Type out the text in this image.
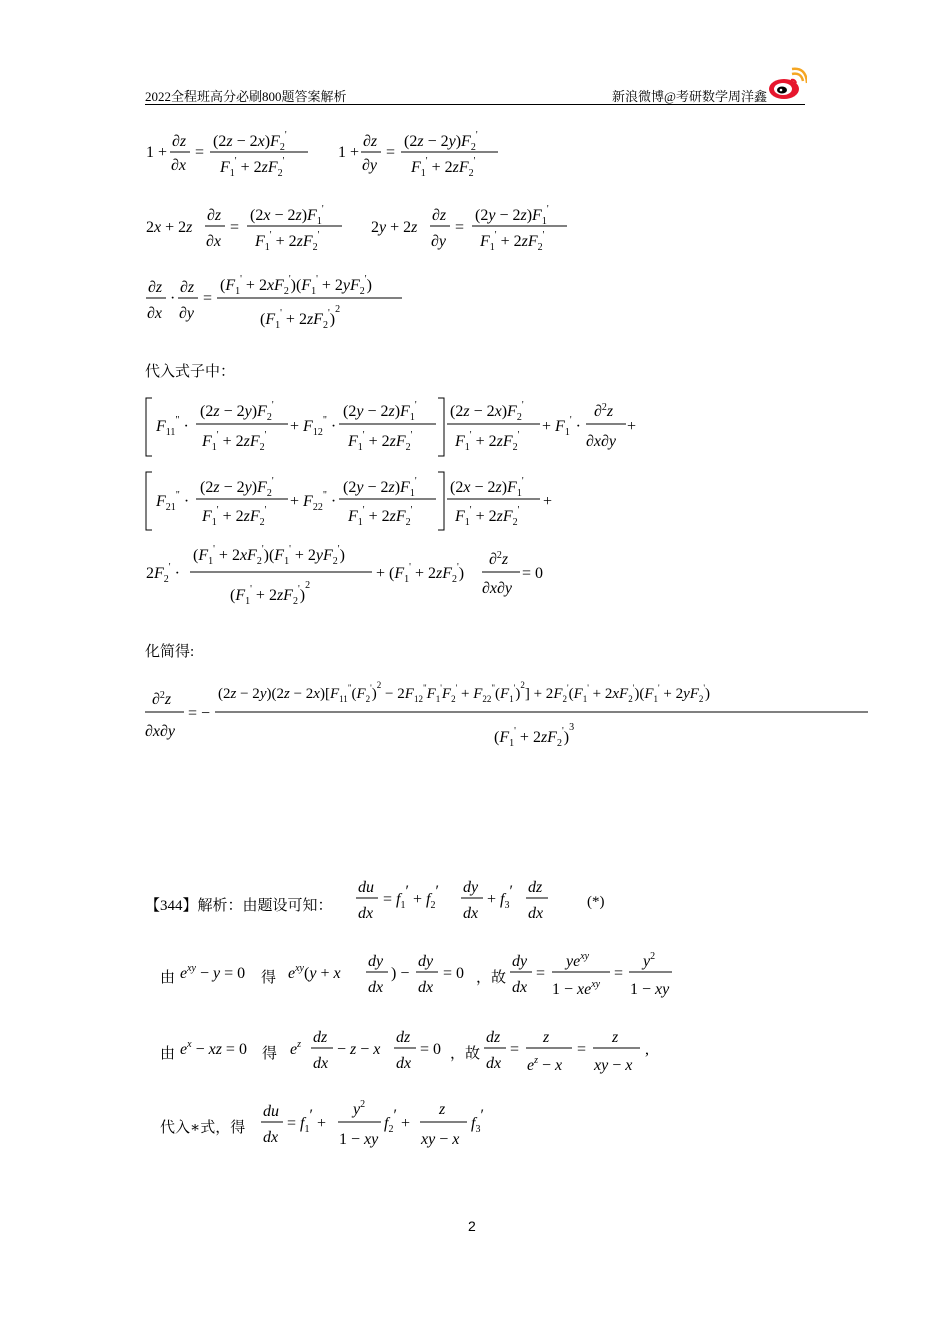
2022全程班高分必刷800题答案解析	新浪微博@考研数学周洋鑫
1 +
∂z
∂x
=
$(2z - 2x)F_2'$
$F_1' + 2zF_2'$
1 +
∂z
∂y
=
$(2z - 2y)F_2'$
$F_1' + 2zF_2'$
2x + 2z
∂z
∂x
=
$(2x - 2z)F_1'$
$F_1' + 2zF_2'$	2y + 2z
∂z
∂y
=
$(2y - 2z)F_1'$
$F_1' + 2zF_2'$
∂z
∂x
·
∂z
∂y
=
$(F_1' + 2xF_2')(F_1' + 2yF_2')$
$(F_1' + 2zF_2')^2$
$F_{11}^"$ ·
$(2z - 2y)F_2'$
$F_1' + 2zF_2'$
+ $F_{12}^"$ ·
$(2y - 2z)F_1'$
$F_1' + 2zF_2'$
$(2z - 2x)F_2'$
$F_1' + 2zF_2'$
+ $F_1'$ ·
∂$^2$z
∂x∂y
+
$F_{21}^"$ ·
$(2z - 2y)F_2'$
$F_1' + 2zF_2'$
+ $F_{22}^"$ ·
$(2y - 2z)F_1'$
$F_1' + 2zF_2'$
$(2x - 2z)F_1'$
$F_1' + 2zF_2'$
+
$2F_2'$ ·
$(F_1' + 2xF_2')(F_1' + 2yF_2')$
$(F_1' + 2zF_2')^2$
+ $(F_1' + 2zF_2')$
∂$^2$z
∂x∂y
= 0
∂$^2$z
∂x∂y
= −
$(2z - 2y)(2z - 2x)[F_{11}^"(F_2')^2 - 2F_{12}^"F_1'F_2' + F_{22}^"(F_1')^2] + 2F_2'(F_1' + 2xF_2')(F_1' + 2yF_2')$
$(F_1' + 2zF_2')^3$
du
dx
= $f_1' + f_2'$ dy
dx
+ $f_3'$ dz
dx
$e^{xy} - y = 0$	$e^{xy}(y + x$
dy
dx
) −
dy
dx
= 0
dy
dx
=
$ye^{xy}$
$1 - xe^{xy}$
=
$y^2$
1 − xy
$e^x$ − xz = 0	$e^z$ dz
dx
− z − x
dz
dx
= 0
dz
dx
=
z
$e^z - x$
=
z
xy − x
,
du
dx
= $f_1'$ +
$y^2$
1 − xy
$f_2'$ +
z
xy − x
$f_3'$
代入式子中：
化简得:
【344】解析：由题设可知：	(*)
由	得	，故
由	得	，故
代入∗式，得
2
